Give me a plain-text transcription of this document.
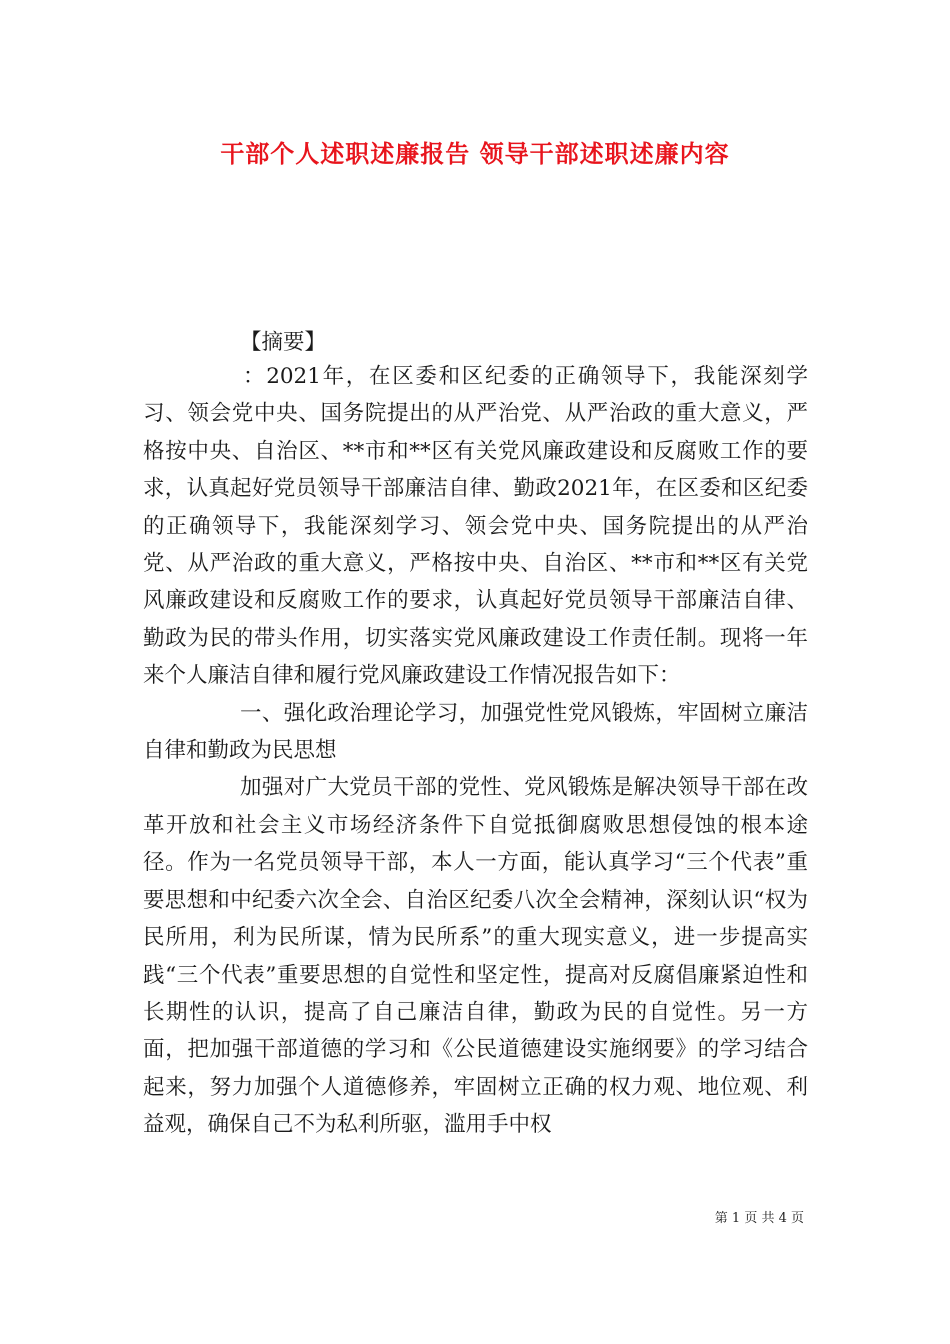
干部个人述职述廉报告 领导干部述职述廉内容

【摘要】

：2021年，在区委和区纪委的正确领导下，我能深刻学习、领会党中央、国务院提出的从严治党、从严治政的重大意义，严格按中央、自治区、**市和**区有关党风廉政建设和反腐败工作的要求，认真起好党员领导干部廉洁自律、勤政2021年，在区委和区纪委的正确领导下，我能深刻学习、领会党中央、国务院提出的从严治党、从严治政的重大意义，严格按中央、自治区、**市和**区有关党风廉政建设和反腐败工作的要求，认真起好党员领导干部廉洁自律、勤政为民的带头作用，切实落实党风廉政建设工作责任制。现将一年来个人廉洁自律和履行党风廉政建设工作情况报告如下：

一、强化政治理论学习，加强党性党风锻炼，牢固树立廉洁自律和勤政为民思想

加强对广大党员干部的党性、党风锻炼是解决领导干部在改革开放和社会主义市场经济条件下自觉抵御腐败思想侵蚀的根本途径。作为一名党员领导干部，本人一方面，能认真学习“三个代表”重要思想和中纪委六次全会、自治区纪委八次全会精神，深刻认识“权为民所用，利为民所谋，情为民所系”的重大现实意义，进一步提高实践“三个代表”重要思想的自觉性和坚定性，提高对反腐倡廉紧迫性和长期性的认识，提高了自己廉洁自律，勤政为民的自觉性。另一方面，把加强干部道德的学习和《公民道德建设实施纲要》的学习结合起来，努力加强个人道德修养，牢固树立正确的权力观、地位观、利益观，确保自己不为私利所驱，滥用手中权

第 1 页 共 4 页
